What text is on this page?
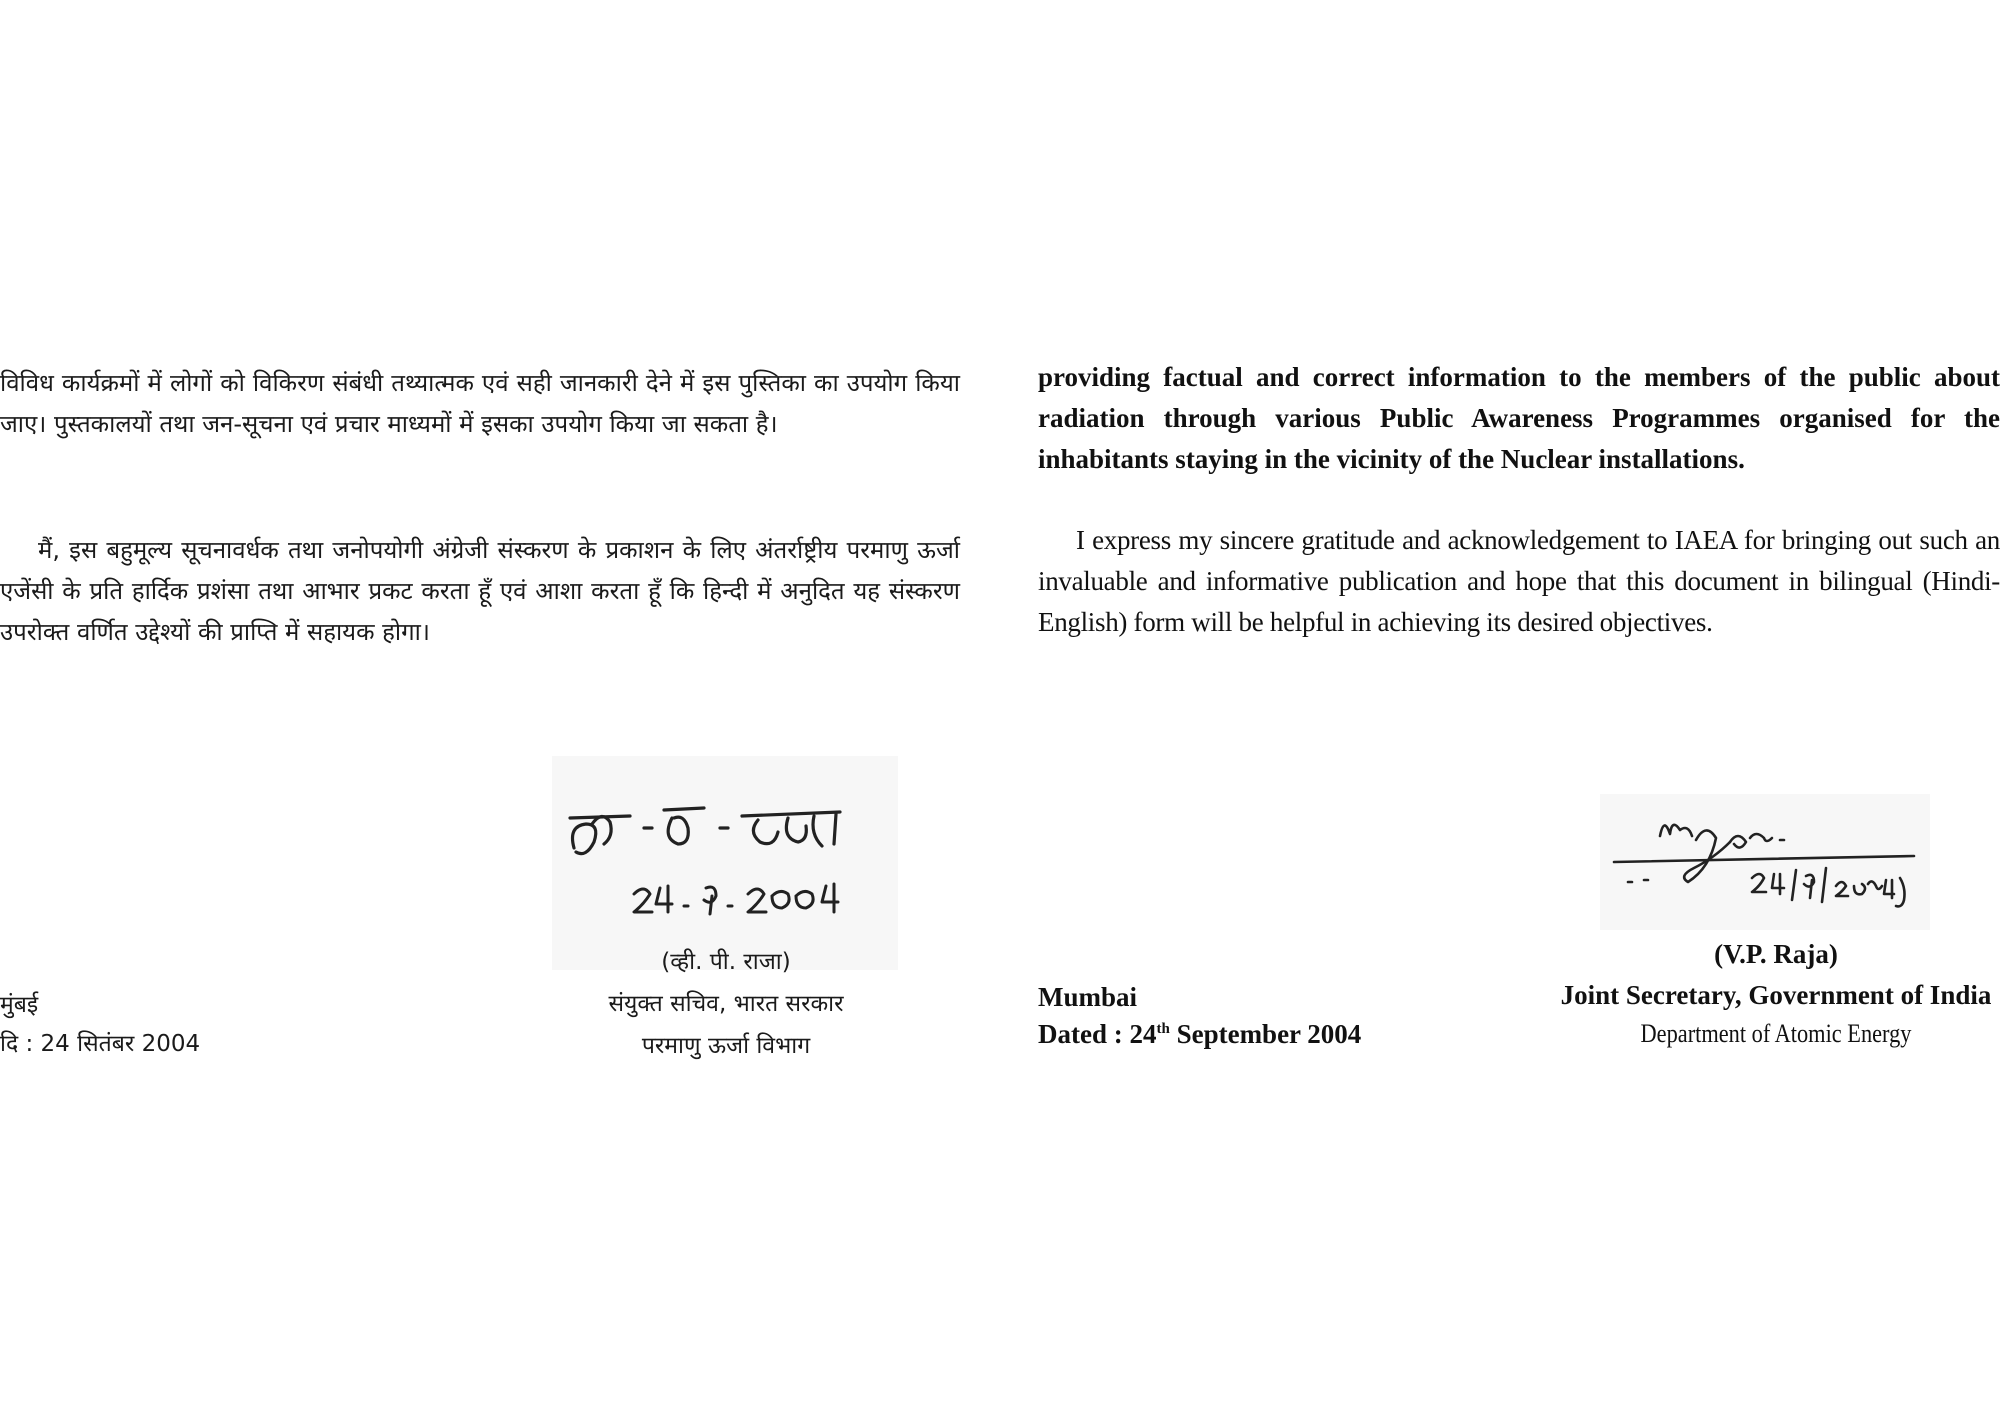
विविध कार्यक्रमों में लोगों को विकिरण संबंधी तथ्यात्मक एवं सही जानकारी देने में इस पुस्तिका का उपयोग किया जाए। पुस्तकालयों तथा जन-सूचना एवं प्रचार माध्यमों में इसका उपयोग किया जा सकता है।
मैं, इस बहुमूल्य सूचनावर्धक तथा जनोपयोगी अंग्रेजी संस्करण के प्रकाशन के लिए अंतर्राष्ट्रीय परमाणु ऊर्जा एजेंसी के प्रति हार्दिक प्रशंसा तथा आभार प्रकट करता हूँ एवं आशा करता हूँ कि हिन्दी में अनुदित यह संस्करण उपरोक्त वर्णित उद्देश्यों की प्राप्ति में सहायक होगा।
(व्ही. पी. राजा)
संयुक्त सचिव, भारत सरकार
परमाणु ऊर्जा विभाग
मुंबई
दि : 24 सितंबर 2004
providing factual and correct information to the members of the public about radiation through various Public Awareness Programmes organised for the inhabitants staying in the vicinity of the Nuclear installations.
I express my sincere gratitude and acknowledgement to IAEA for bringing out such an invaluable and informative publication and hope that this document in bilingual (Hindi-English) form will be helpful in achieving its desired objectives.
(V.P. Raja)
Joint Secretary, Government of India
Department of Atomic Energy
Mumbai
Dated : 24th September 2004
